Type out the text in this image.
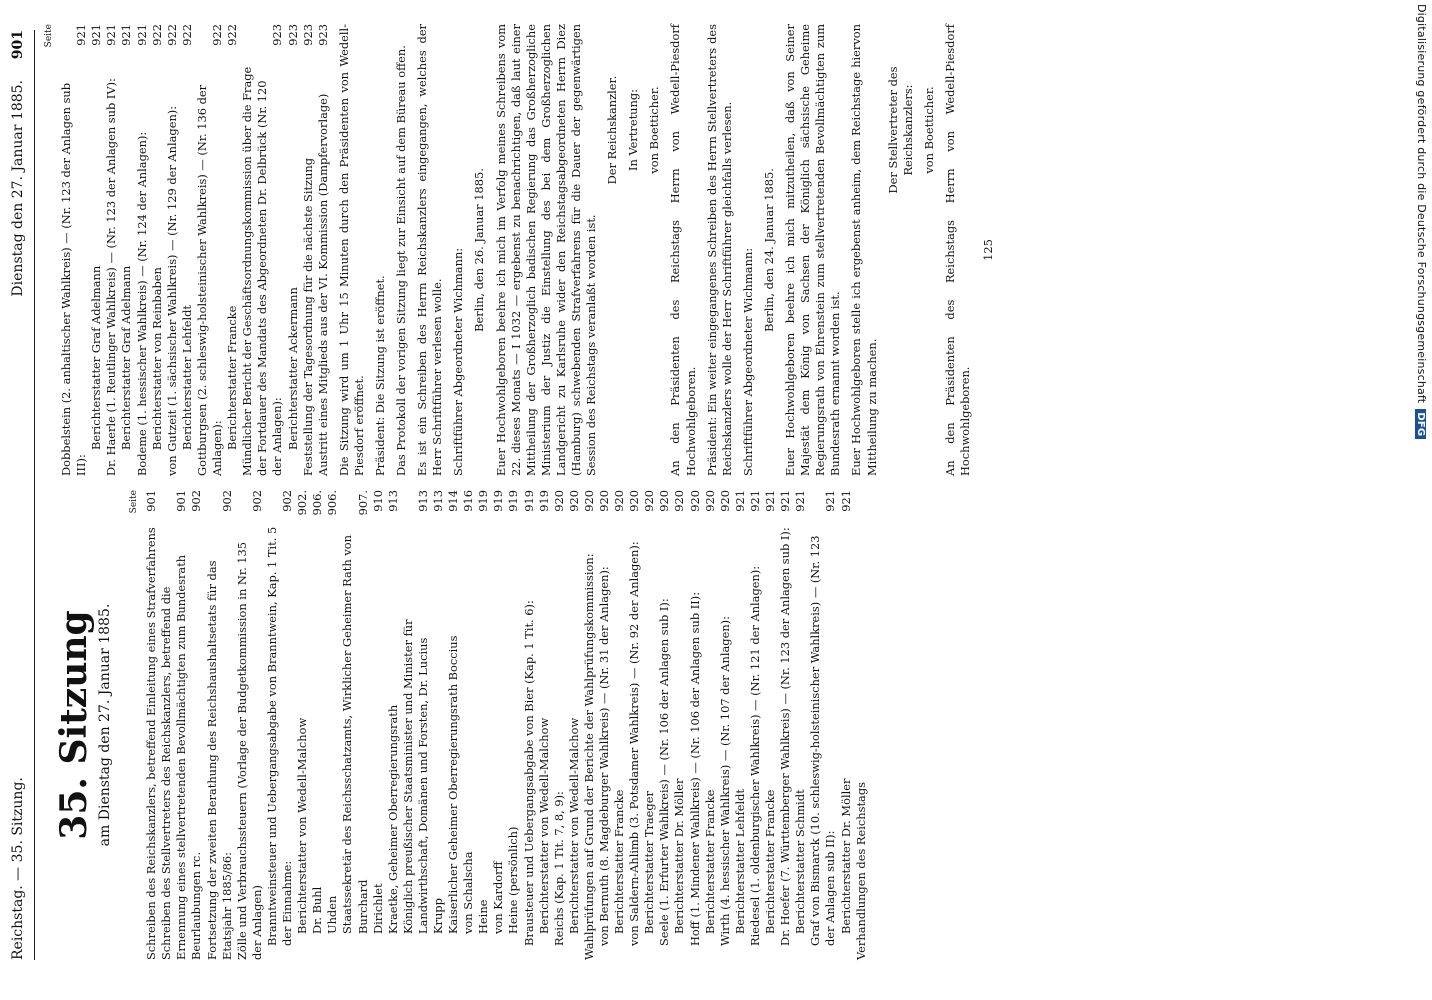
Reichstag. — 35. Sitzung.
Dienstag den 27. Januar 1885.
901
35. Sitzung am Dienstag den 27. Januar 1885.
Seite
Schreiben des Reichskanzlers, betreffend Einleitung eines Strafverfahrens
901
Schreiben des Stellvertreters des Reichskanzlers, betreffend die Ernennung eines stellvertretenden Bevollmächtigten zum Bundesrath
901
Beurlaubungen rc.
902
Fortsetzung der zweiten Berathung des Reichshaushaltsetats für das Etatsjahr 1885/86:
902
Zölle und Verbrauchssteuern (Vorlage der Budgetkommission in Nr. 135 der Anlagen)
902
Branntweinsteuer und Uebergangsabgabe von Branntwein, Kap. 1 Tit. 5 der Einnahme:
902
Berichterstatter von Wedell-Malchow
902.
Dr. Buhl
906.
Uhden
906.
Staatssekretär des Reichsschatzamts, Wirklicher Geheimer Rath von Burchard
907.
Dirichlet
910
Kraetke, Geheimer Oberregierungsrath
913
Königlich preußischer Staatsminister und Minister für Landwirthschaft, Domänen und Forsten, Dr. Lucius
913
Krupp
913
Kaiserlicher Geheimer Oberregierungsrath Boccius
914
von Schalscha
916
Heine
919
von Kardorff
919
Heine (persönlich)
919
Brausteuer und Uebergangsabgabe von Bier (Kap. 1 Tit. 6):
919
Berichterstatter von Wedell-Malchow
919
Reichs (Kap. 1 Tit. 7, 8, 9):
920
Berichterstatter von Wedell-Malchow
920
Wahlprüfungen auf Grund der Berichte der Wahlprüfungskommission:
920
von Bernuth (8. Magdeburger Wahlkreis) — (Nr. 31 der Anlagen):
920
Berichterstatter Francke
920
von Saldern-Ahlimb (3. Potsdamer Wahlkreis) — (Nr. 92 der Anlagen):
920
Berichterstatter Traeger
920
Seele (1. Erfurter Wahlkreis) — (Nr. 106 der Anlagen sub I):
920
Berichterstatter Dr. Möller
920
Hoff (1. Mindener Wahlkreis) — (Nr. 106 der Anlagen sub II):
920
Berichterstatter Francke
920
Wirth (4. hessischer Wahlkreis) — (Nr. 107 der Anlagen):
920
Berichterstatter Lehfeldt
921
Riedesel (1. oldenburgischer Wahlkreis) — (Nr. 121 der Anlagen):
921
Berichterstatter Francke
921
Dr. Hoefer (7. Württemberger Wahlkreis) — (Nr. 123 der Anlagen sub I):
921
Berichterstatter Schmidt
921
Graf von Bismarck (10. schleswig-holsteinischer Wahlkreis) — (Nr. 123 der Anlagen sub II):
921
Berichterstatter Dr. Möller
921
Verhandlungen des Reichstags
Seite
Dobbelstein (2. anhaltischer Wahlkreis) — (Nr. 123 der Anlagen sub III):
921
Berichterstatter Graf Adelmann
921
Dr. Haerle (1. Reutlinger Wahlkreis) — (Nr. 123 der Anlagen sub IV):
921
Berichterstatter Graf Adelmann
921
Bodeme (1. hessischer Wahlkreis) — (Nr. 124 der Anlagen):
921
Berichterstatter von Reinbaben
922
von Gutzeit (1. sächsischer Wahlkreis) — (Nr. 129 der Anlagen):
922
Berichterstatter Lehfeldt
922
Gottburgsen (2. schleswig-holsteinischer Wahlkreis) — (Nr. 136 der Anlagen):
922
Berichterstatter Francke
922
Mündlicher Bericht der Geschäftsordnungskommission über die Frage der Fortdauer des Mandats des Abgeordneten Dr. Delbrück (Nr. 120 der Anlagen):
923
Berichterstatter Ackermann
923
Feststellung der Tagesordnung für die nächste Sitzung
923
Austritt eines Mitglieds aus der VI. Kommission (Dampfervorlage)
923 Die Sitzung wird um 1 Uhr 15 Minuten durch den Präsidenten von Wedell-Piesdorf eröffnet. Präsident: Die Sitzung ist eröffnet. Das Protokoll der vorigen Sitzung liegt zur Einsicht auf dem Büreau offen. Es ist ein Schreiben des Herrn Reichskanzlers eingegangen, welches der Herr Schriftführer verlesen wolle. Schriftführer Abgeordneter Wichmann: Berlin, den 26. Januar 1885. Euer Hochwohlgeboren beehre ich mich im Verfolg meines Schreibens vom 22. dieses Monats — I 1032 — ergebenst zu benachrichtigen, daß laut einer Mittheilung der Großherzoglich badischen Regierung das Großherzogliche Ministerium der Justiz die Einstellung des bei dem Großherzoglichen Landgericht zu Karlsruhe wider den Reichstagsabgeordneten Herrn Diez (Hamburg) schwebenden Strafverfahrens für die Dauer der gegenwärtigen Session des Reichstags veranlaßt worden ist.
Der Reichskanzler. In Vertretung: von Boetticher. An den Präsidenten des Reichstags Herrn von Wedell-Piesdorf Hochwohlgeboren. Präsident: Ein weiter eingegangenes Schreiben des Herrn Stellvertreters des Reichskanzlers wolle der Herr Schriftführer gleichfalls verlesen. Schriftführer Abgeordneter Wichmann: Berlin, den 24. Januar 1885. Euer Hochwohlgeboren beehre ich mich mitzutheilen, daß von Seiner Majestät dem König von Sachsen der Königlich sächsische Geheime Regierungsrath von Ehrenstein zum stellvertretenden Bevollmächtigten zum Bundesrath ernannt worden ist. Euer Hochwohlgeboren stelle ich ergebenst anheim, dem Reichstage hiervon Mittheilung zu machen.
Der Stellvertreter des Reichskanzlers: von Boetticher. An den Präsidenten des Reichstags Herrn von Wedell-Piesdorf Hochwohlgeboren.
125	Digitalisierung gefördert durch die Deutsche ForschungsgemeinschaftDFG
